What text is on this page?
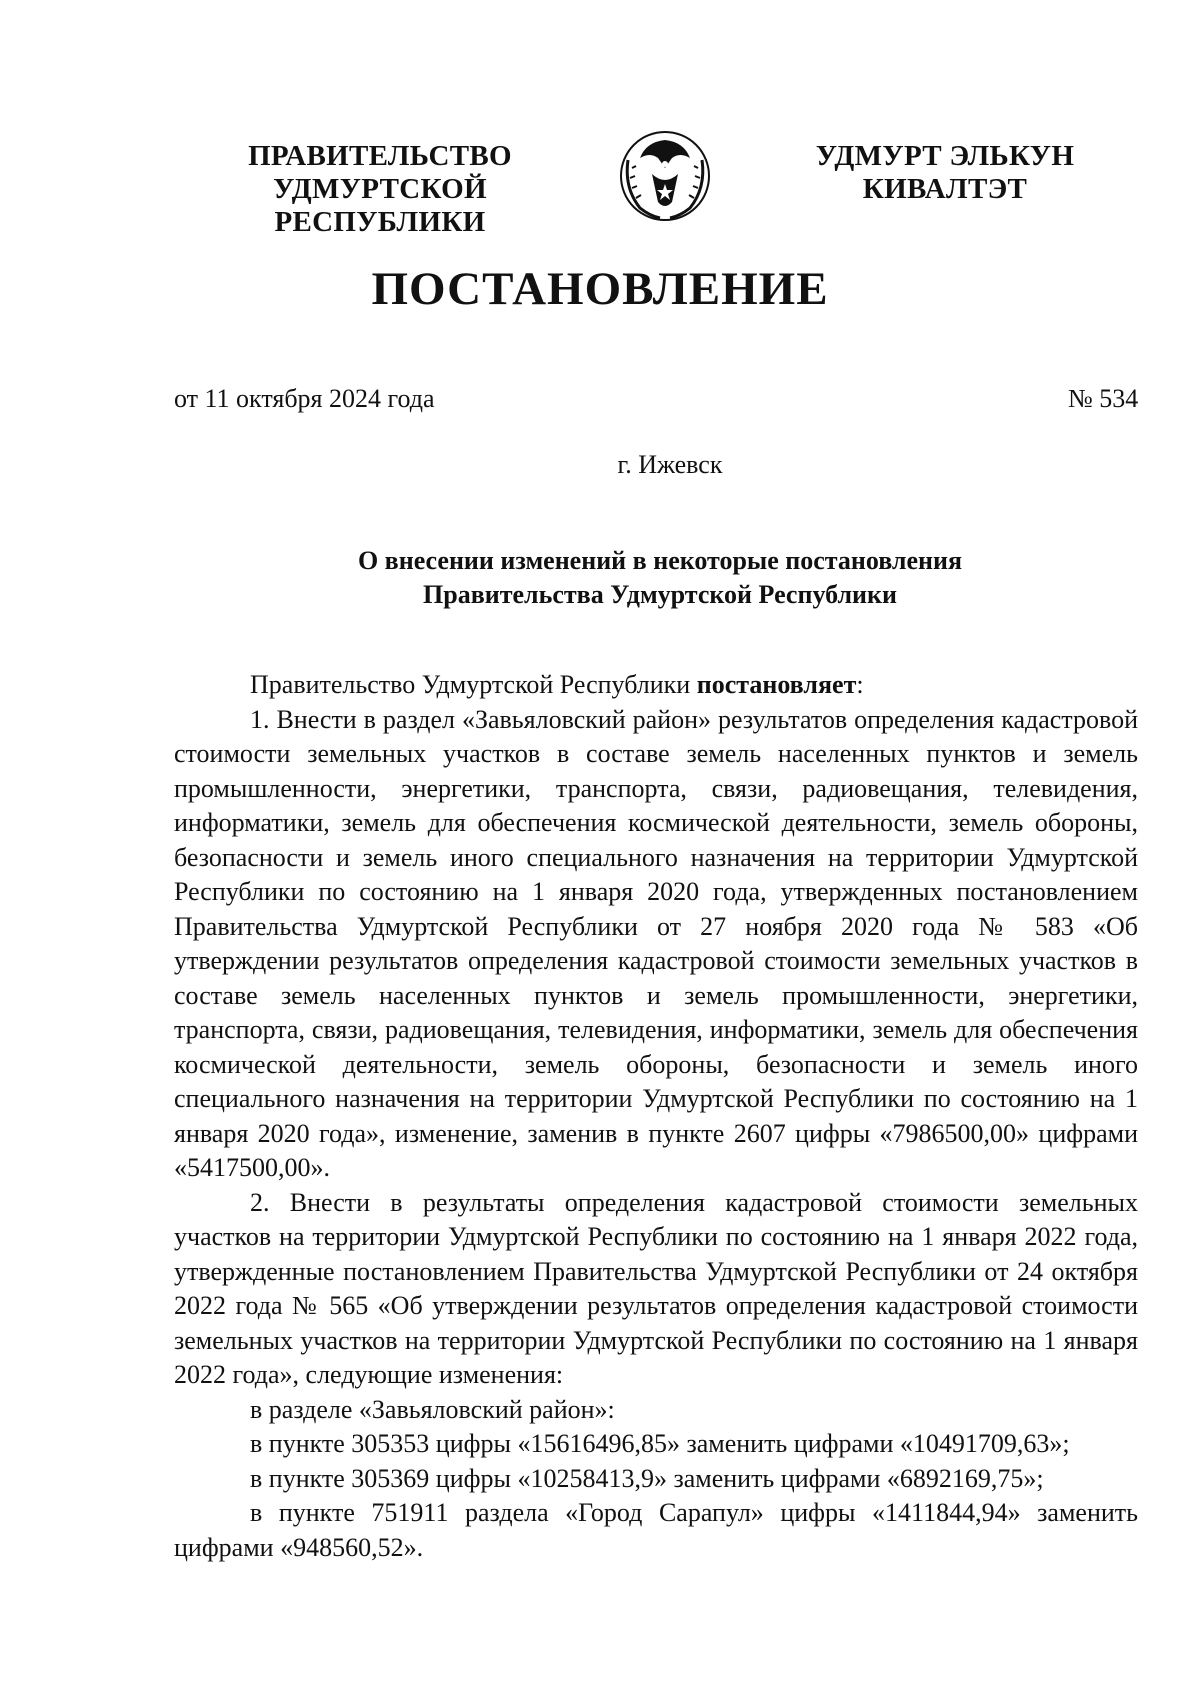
ПРАВИТЕЛЬСТВО
УДМУРТСКОЙ РЕСПУБЛИКИ
УДМУРТ ЭЛЬКУН
КИВАЛТЭТ
ПОСТАНОВЛЕНИЕ
от 11 октября 2024 года	№ 534
г. Ижевск
О внесении изменений в некоторые постановления
Правительства Удмуртской Республики

Правительство Удмуртской Республики постановляет:

1. Внести в раздел «Завьяловский район» результатов определения кадастровой стоимости земельных участков в составе земель населенных пунктов и земель промышленности, энергетики, транспорта, связи, радиовещания, телевидения, информатики, земель для обеспечения космической деятельности, земель обороны, безопасности и земель иного специального назначения на территории Удмуртской Республики по состоянию на 1 января 2020 года, утвержденных постановлением Правительства Удмуртской Республики от 27 ноября 2020 года № 583 «Об утверждении результатов определения кадастровой стоимости земельных участков в составе земель населенных пунктов и земель промышленности, энергетики, транспорта, связи, радиовещания, телевидения, информатики, земель для обеспечения космической деятельности, земель обороны, безопасности и земель иного специального назначения на территории Удмуртской Республики по состоянию на 1 января 2020 года», изменение, заменив в пункте 2607 цифры «7986500,00» цифрами «5417500,00».

2. Внести в результаты определения кадастровой стоимости земельных участков на территории Удмуртской Республики по состоянию на 1 января 2022 года, утвержденные постановлением Правительства Удмуртской Республики от 24 октября 2022 года № 565 «Об утверждении результатов определения кадастровой стоимости земельных участков на территории Удмуртской Республики по состоянию на 1 января 2022 года», следующие изменения:

в разделе «Завьяловский район»:

в пункте 305353 цифры «15616496,85» заменить цифрами «10491709,63»;

в пункте 305369 цифры «10258413,9» заменить цифрами «6892169,75»;

в пункте 751911 раздела «Город Сарапул» цифры «1411844,94» заменить цифрами «948560,52».
